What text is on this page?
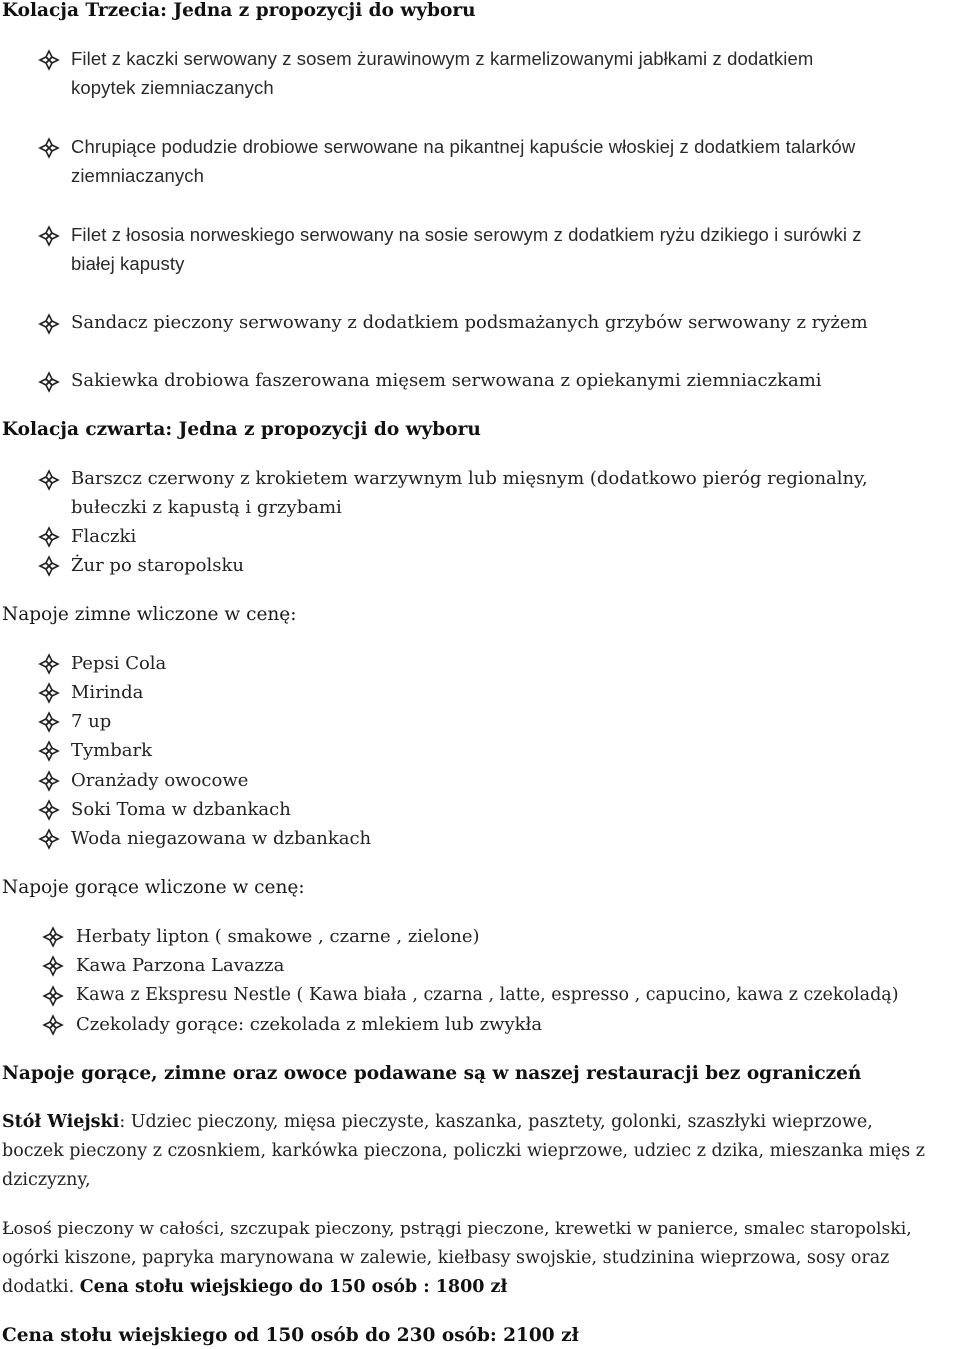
Kolacja Trzecia: Jedna z propozycji do wyboru
Filet z kaczki serwowany z sosem żurawinowym z karmelizowanymi jabłkami z dodatkiem
kopytek ziemniaczanych
Chrupiące podudzie drobiowe serwowane na pikantnej kapuście włoskiej z dodatkiem talarków
ziemniaczanych
Filet z łososia norweskiego serwowany na sosie serowym z dodatkiem ryżu dzikiego i surówki z
białej kapusty
Sandacz pieczony serwowany z dodatkiem podsmażanych grzybów serwowany z ryżem
Sakiewka drobiowa faszerowana mięsem serwowana z opiekanymi ziemniaczkami
Kolacja czwarta: Jedna z propozycji do wyboru
Barszcz czerwony z krokietem warzywnym lub mięsnym (dodatkowo pieróg regionalny,
bułeczki z kapustą i grzybami
Flaczki
Żur po staropolsku
Napoje zimne wliczone w cenę:
Pepsi Cola
Mirinda
7 up
Tymbark
Oranżady owocowe
Soki Toma w dzbankach
Woda niegazowana w dzbankach
Napoje gorące wliczone w cenę:
Herbaty lipton ( smakowe , czarne , zielone)
Kawa Parzona Lavazza
Kawa z Ekspresu Nestle ( Kawa biała , czarna , latte, espresso , capucino, kawa z czekoladą)
Czekolady gorące: czekolada z mlekiem lub zwykła
Napoje gorące, zimne oraz owoce podawane są w naszej restauracji bez ograniczeń
Stół Wiejski: Udziec pieczony, mięsa pieczyste, kaszanka, pasztety, golonki, szaszłyki wieprzowe,
boczek pieczony z czosnkiem, karkówka pieczona, policzki wieprzowe, udziec z dzika, mieszanka mięs z
dziczyzny,
Łosoś pieczony w całości, szczupak pieczony, pstrągi pieczone, krewetki w panierce, smalec staropolski,
ogórki kiszone, papryka marynowana w zalewie, kiełbasy swojskie, studzinina wieprzowa, sosy oraz
dodatki. Cena stołu wiejskiego do 150 osób : 1800 zł
Cena stołu wiejskiego od 150 osób do 230 osób: 2100 zł
